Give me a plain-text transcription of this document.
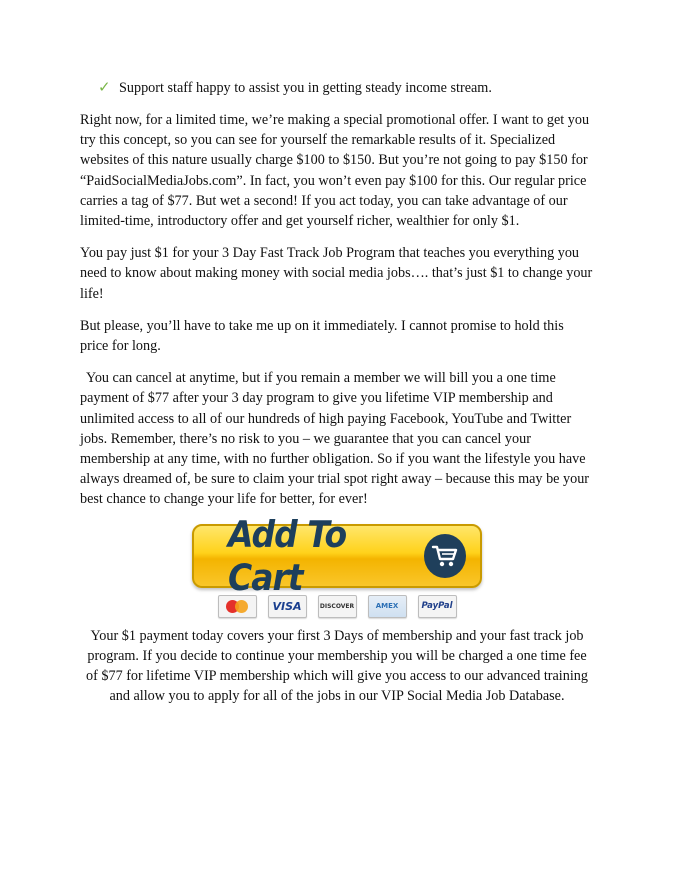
✓ Support staff happy to assist you in getting steady income stream.

Right now, for a limited time, we’re making a special promotional offer. I want to get you try this concept, so you can see for yourself the remarkable results of it. Specialized websites of this nature usually charge $100 to $150. But you’re not going to pay $150 for “PaidSocialMediaJobs.com”. In fact, you won’t even pay $100 for this. Our regular price carries a tag of $77. But wet a second! If you act today, you can take advantage of our limited-time, introductory offer and get yourself richer, wealthier for only $1.

You pay just $1 for your 3 Day Fast Track Job Program that teaches you everything you need to know about making money with social media jobs…. that’s just $1 to change your life!

But please, you’ll have to take me up on it immediately. I cannot promise to hold this price for long.

You can cancel at anytime, but if you remain a member we will bill you a one time payment of $77 after your 3 day program to give you lifetime VIP membership and unlimited access to all of our hundreds of high paying Facebook, YouTube and Twitter jobs. Remember, there’s no risk to you – we guarantee that you can cancel your membership at any time, with no further obligation. So if you want the lifestyle you have always dreamed of, be sure to claim your trial spot right away – because this may be your best chance to change your life for better, for ever!

Add To Cart
VISA	DISCOVER	AMEX	PayPal

Your $1 payment today covers your first 3 Days of membership and your fast track job program. If you decide to continue your membership you will be charged a one time fee of $77 for lifetime VIP membership which will give you access to our advanced training and allow you to apply for all of the jobs in our VIP Social Media Job Database.
